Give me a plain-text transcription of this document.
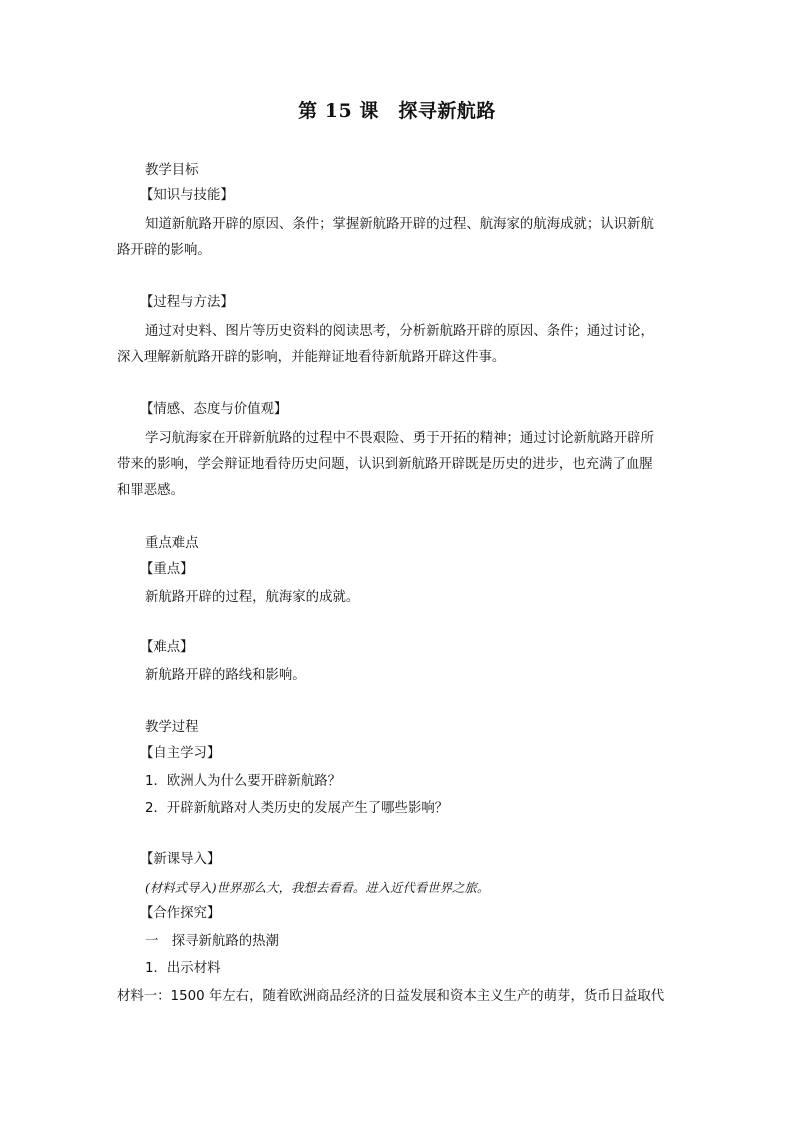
第 15 课　探寻新航路
教学目标
【知识与技能】
知道新航路开辟的原因、条件；掌握新航路开辟的过程、航海家的航海成就；认识新航
路开辟的影响。
【过程与方法】
通过对史料、图片等历史资料的阅读思考，分析新航路开辟的原因、条件；通过讨论，
深入理解新航路开辟的影响，并能辩证地看待新航路开辟这件事。
【情感、态度与价值观】
学习航海家在开辟新航路的过程中不畏艰险、勇于开拓的精神；通过讨论新航路开辟所
带来的影响，学会辩证地看待历史问题，认识到新航路开辟既是历史的进步，也充满了血腥
和罪恶感。
重点难点
【重点】
新航路开辟的过程，航海家的成就。
【难点】
新航路开辟的路线和影响。
教学过程
【自主学习】
1．欧洲人为什么要开辟新航路？
2．开辟新航路对人类历史的发展产生了哪些影响？
【新课导入】
(材料式导入)世界那么大，我想去看看。进入近代看世界之旅。
【合作探究】
一　探寻新航路的热潮
1．出示材料
材料一：1500 年左右，随着欧洲商品经济的日益发展和资本主义生产的萌芽，货币日益取代
